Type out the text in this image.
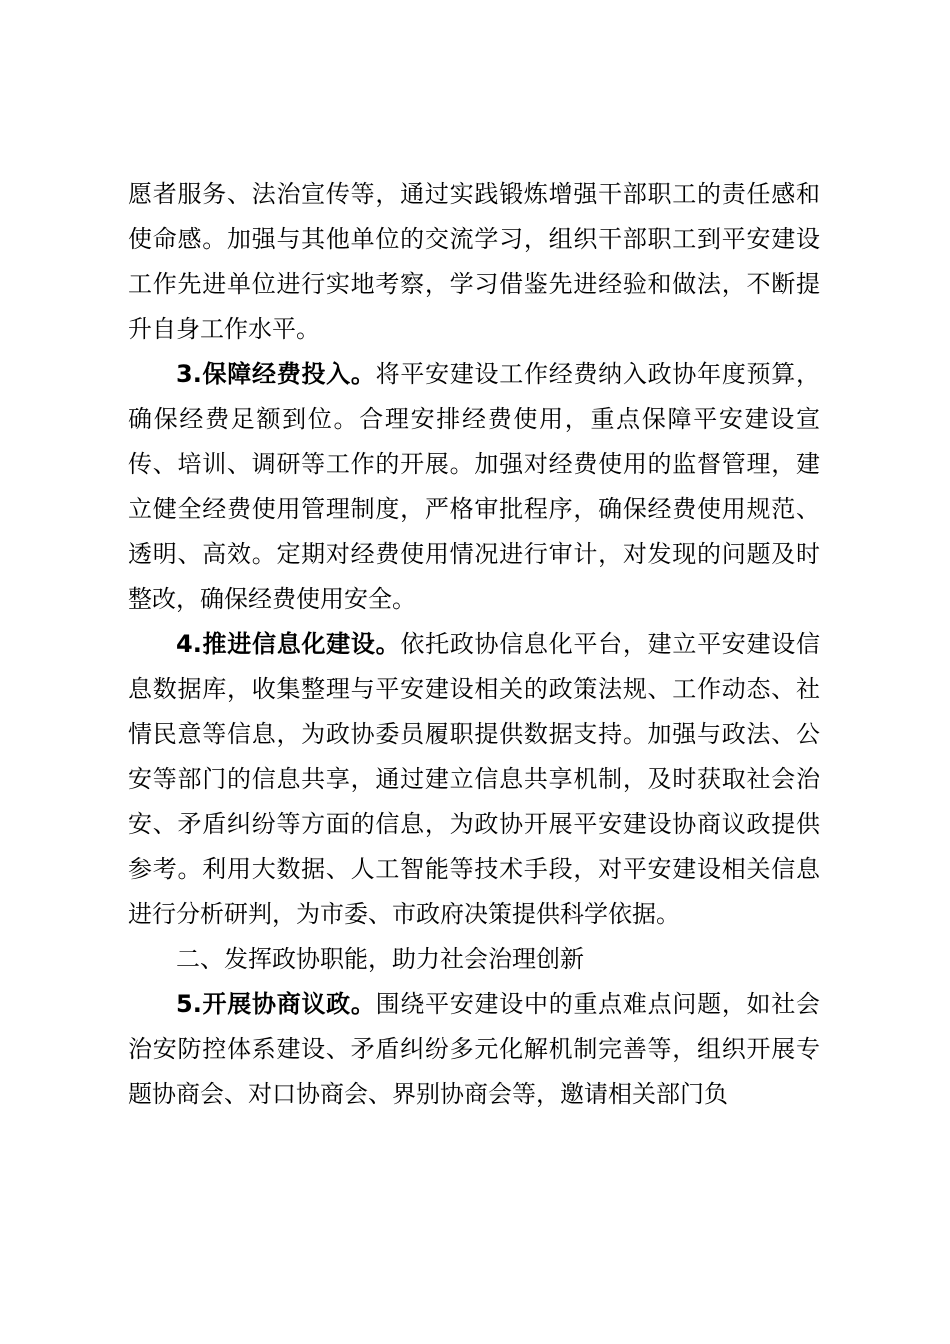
愿者服务、法治宣传等，通过实践锻炼增强干部职工的责任感和使命感。加强与其他单位的交流学习，组织干部职工到平安建设工作先进单位进行实地考察，学习借鉴先进经验和做法，不断提升自身工作水平。

3.保障经费投入。将平安建设工作经费纳入政协年度预算，确保经费足额到位。合理安排经费使用，重点保障平安建设宣传、培训、调研等工作的开展。加强对经费使用的监督管理，建立健全经费使用管理制度，严格审批程序，确保经费使用规范、透明、高效。定期对经费使用情况进行审计，对发现的问题及时整改，确保经费使用安全。

4.推进信息化建设。依托政协信息化平台，建立平安建设信息数据库，收集整理与平安建设相关的政策法规、工作动态、社情民意等信息，为政协委员履职提供数据支持。加强与政法、公安等部门的信息共享，通过建立信息共享机制，及时获取社会治安、矛盾纠纷等方面的信息，为政协开展平安建设协商议政提供参考。利用大数据、人工智能等技术手段，对平安建设相关信息进行分析研判，为市委、市政府决策提供科学依据。

二、发挥政协职能，助力社会治理创新

5.开展协商议政。围绕平安建设中的重点难点问题，如社会治安防控体系建设、矛盾纠纷多元化解机制完善等，组织开展专题协商会、对口协商会、界别协商会等，邀请相关部门负
